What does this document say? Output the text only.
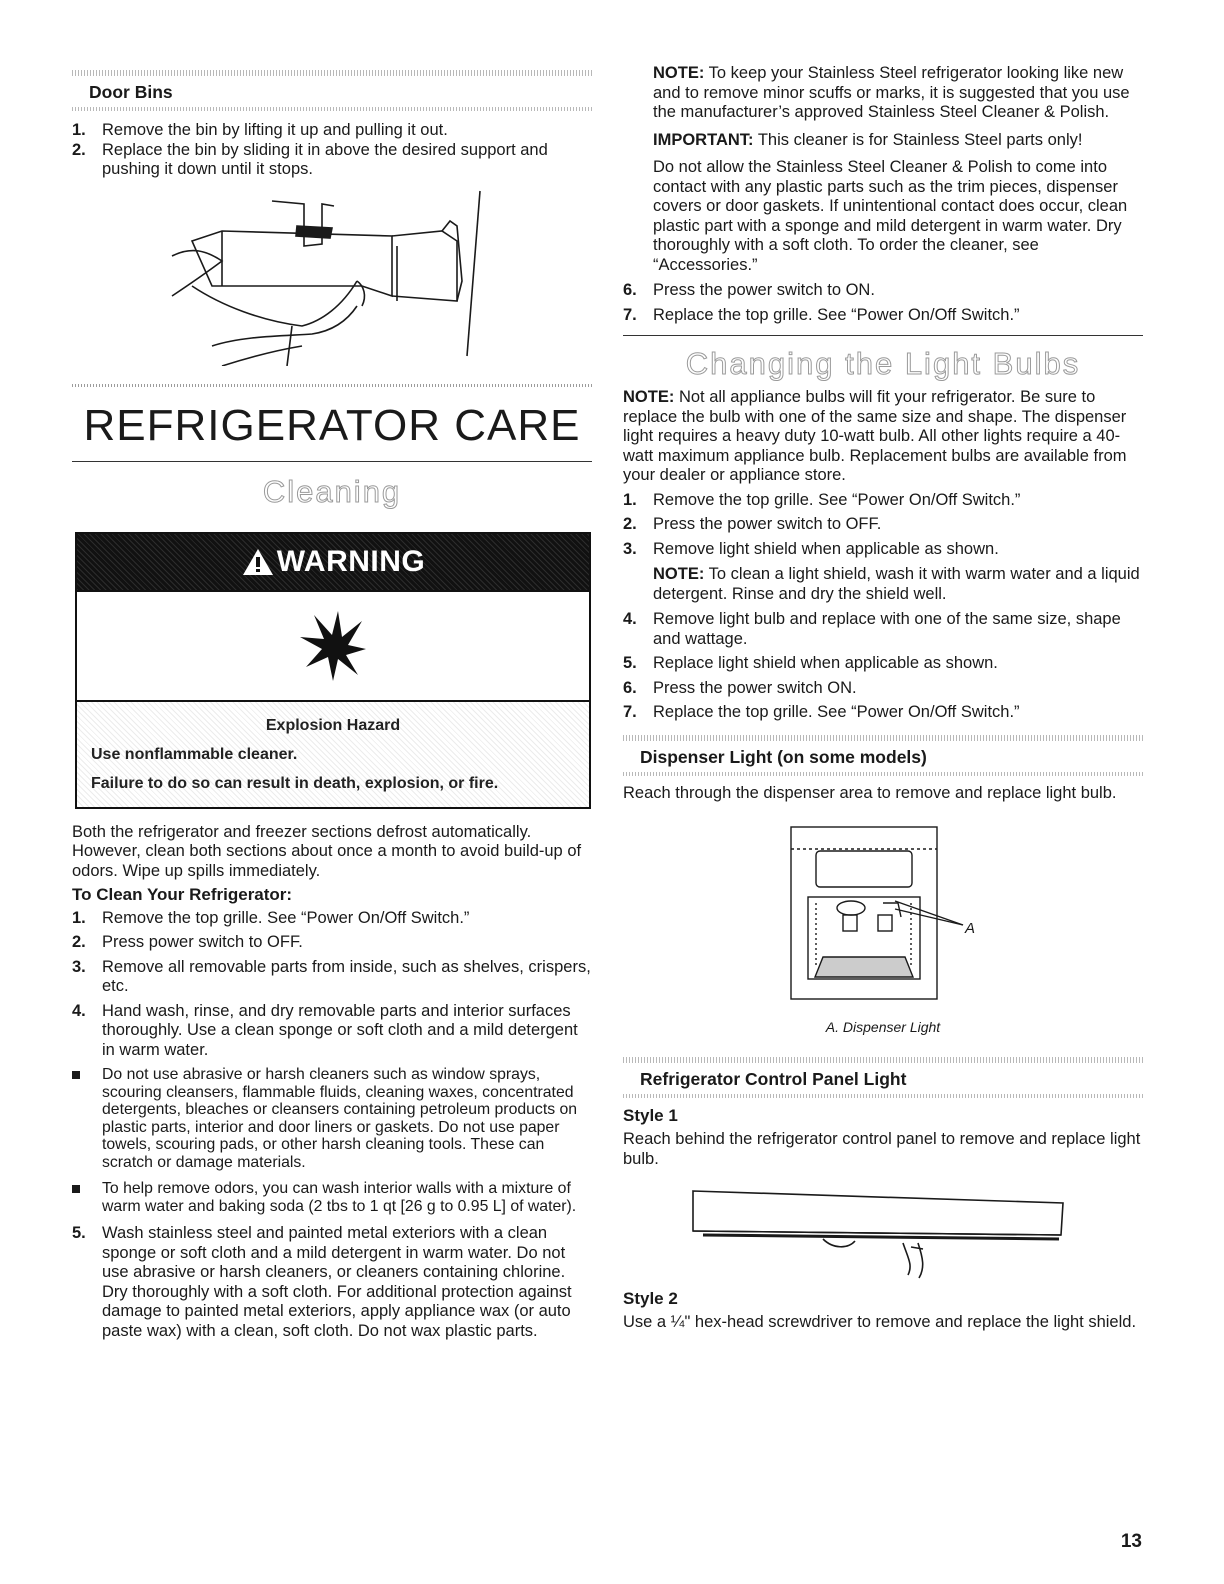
Door Bins
1. Remove the bin by lifting it up and pulling it out.
2. Replace the bin by sliding it in above the desired support and pushing it down until it stops.
REFRIGERATOR CARE
Cleaning
WARNING

Explosion Hazard

Use nonflammable cleaner.

Failure to do so can result in death, explosion, or fire.

Both the refrigerator and freezer sections defrost automatically. However, clean both sections about once a month to avoid build-up of odors. Wipe up spills immediately.

To Clean Your Refrigerator:

1. Remove the top grille. See “Power On/Off Switch.”
2. Press power switch to OFF.
3. Remove all removable parts from inside, such as shelves, crispers, etc.
4. Hand wash, rinse, and dry removable parts and interior surfaces thoroughly. Use a clean sponge or soft cloth and a mild detergent in warm water.
Do not use abrasive or harsh cleaners such as window sprays, scouring cleansers, flammable fluids, cleaning waxes, concentrated detergents, bleaches or cleansers containing petroleum products on plastic parts, interior and door liners or gaskets. Do not use paper towels, scouring pads, or other harsh cleaning tools. These can scratch or damage materials.
To help remove odors, you can wash interior walls with a mixture of warm water and baking soda (2 tbs to 1 qt [26 g to 0.95 L] of water).
5. Wash stainless steel and painted metal exteriors with a clean sponge or soft cloth and a mild detergent in warm water. Do not use abrasive or harsh cleaners, or cleaners containing chlorine. Dry thoroughly with a soft cloth. For additional protection against damage to painted metal exteriors, apply appliance wax (or auto paste wax) with a clean, soft cloth. Do not wax plastic parts.

NOTE: To keep your Stainless Steel refrigerator looking like new and to remove minor scuffs or marks, it is suggested that you use the manufacturer’s approved Stainless Steel Cleaner & Polish.

IMPORTANT: This cleaner is for Stainless Steel parts only!

Do not allow the Stainless Steel Cleaner & Polish to come into contact with any plastic parts such as the trim pieces, dispenser covers or door gaskets. If unintentional contact does occur, clean plastic part with a sponge and mild detergent in warm water. Dry thoroughly with a soft cloth. To order the cleaner, see “Accessories.”

6. Press the power switch to ON.
7. Replace the top grille. See “Power On/Off Switch.”
Changing the Light Bulbs

NOTE: Not all appliance bulbs will fit your refrigerator. Be sure to replace the bulb with one of the same size and shape. The dispenser light requires a heavy duty 10-watt bulb. All other lights require a 40-watt maximum appliance bulb. Replacement bulbs are available from your dealer or appliance store.

1. Remove the top grille. See “Power On/Off Switch.”
2. Press the power switch to OFF.
3. Remove light shield when applicable as shown.

NOTE: To clean a light shield, wash it with warm water and a liquid detergent. Rinse and dry the shield well.

4. Remove light bulb and replace with one of the same size, shape and wattage.
5. Replace light shield when applicable as shown.
6. Press the power switch ON.
7. Replace the top grille. See “Power On/Off Switch.”
Dispenser Light (on some models)

Reach through the dispenser area to remove and replace light bulb.

A

A. Dispenser Light

Refrigerator Control Panel Light

Style 1

Reach behind the refrigerator control panel to remove and replace light bulb.

Style 2

Use a ¼" hex-head screwdriver to remove and replace the light shield.

13
